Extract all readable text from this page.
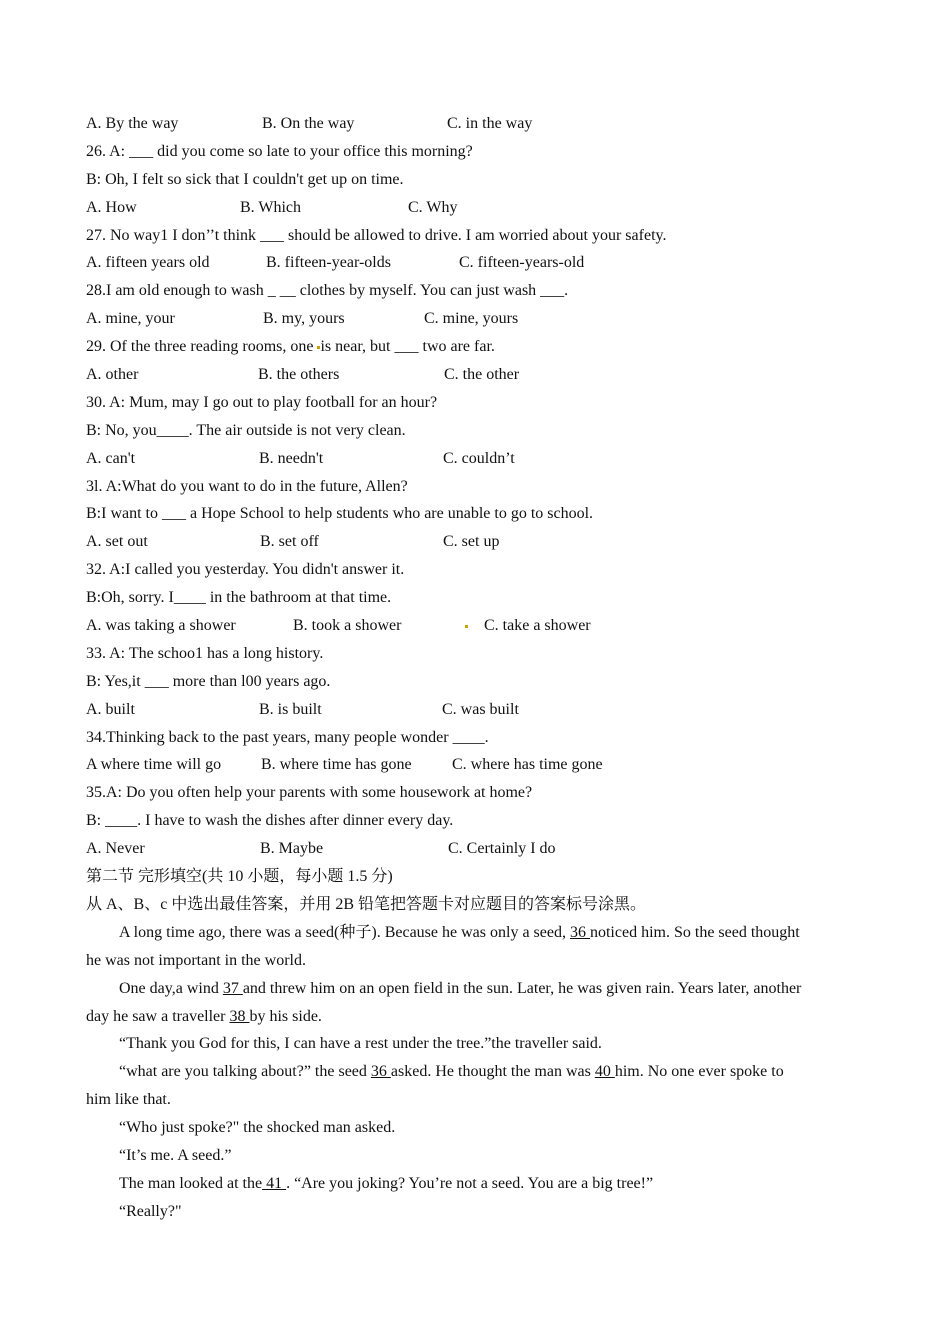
A. By the way	B. On the way	C. in the way
26. A: ___ did you come so late to your office this morning?
B: Oh, I felt so sick that I couldn't get up on time.
A. How	B. Which	C. Why
27. No way1 I don’’t think ___ should be allowed to drive. I am worried about your safety.
A. fifteen years old	B. fifteen-year-olds	C. fifteen-years-old
28.I am old enough to wash _ __ clothes by myself. You can just wash ___.
A. mine, your	B. my, yours	C. mine, yours
29. Of the three reading rooms, one is near, but ___ two are far.
A. other	B. the others	C. the other
30. A: Mum, may I go out to play football for an hour?
B: No, you____. The air outside is not very clean.
A. can't	B. needn't	C. couldn’t
3l. A:What do you want to do in the future, Allen?
B:I want to ___ a Hope School to help students who are unable to go to school.
A. set out	B. set off	C. set up
32. A:I called you yesterday. You didn't answer it.
B:Oh, sorry. I____ in the bathroom at that time.
A. was taking a shower	B. took a shower	C. take a shower
33. A: The schoo1 has a long history.
B: Yes,it ___ more than l00 years ago.
A. built	B. is built	C. was built
34.Thinking back to the past years, many people wonder ____.
A where time will go B. where time has gone	C. where has time gone
35.A: Do you often help your parents with some housework at home?
B: ____. I have to wash the dishes after dinner every day.
A. Never	B. Maybe	C. Certainly I do
第二节 完形填空(共 10 小题，每小题 1.5 分)
从 A、B、c 中选出最佳答案，并用 2B 铅笔把答题卡对应题目的答案标号涂黑。
A long time ago, there was a seed(种子). Because he was only a seed, 36 noticed him. So the seed thought
he was not important in the world.
One day,a wind 37 and threw him on an open field in the sun. Later, he was given rain. Years later, another
day he saw a traveller 38 by his side.
“Thank you God for this, I can have a rest under the tree.”the traveller said.
“what are you talking about?” the seed 36 asked. He thought the man was 40 him. No one ever spoke to
him like that.
“Who just spoke?" the shocked man asked.
“It’s me. A seed.”
The man looked at the 41 . “Are you joking? You’re not a seed. You are a big tree!”
“Really?"
